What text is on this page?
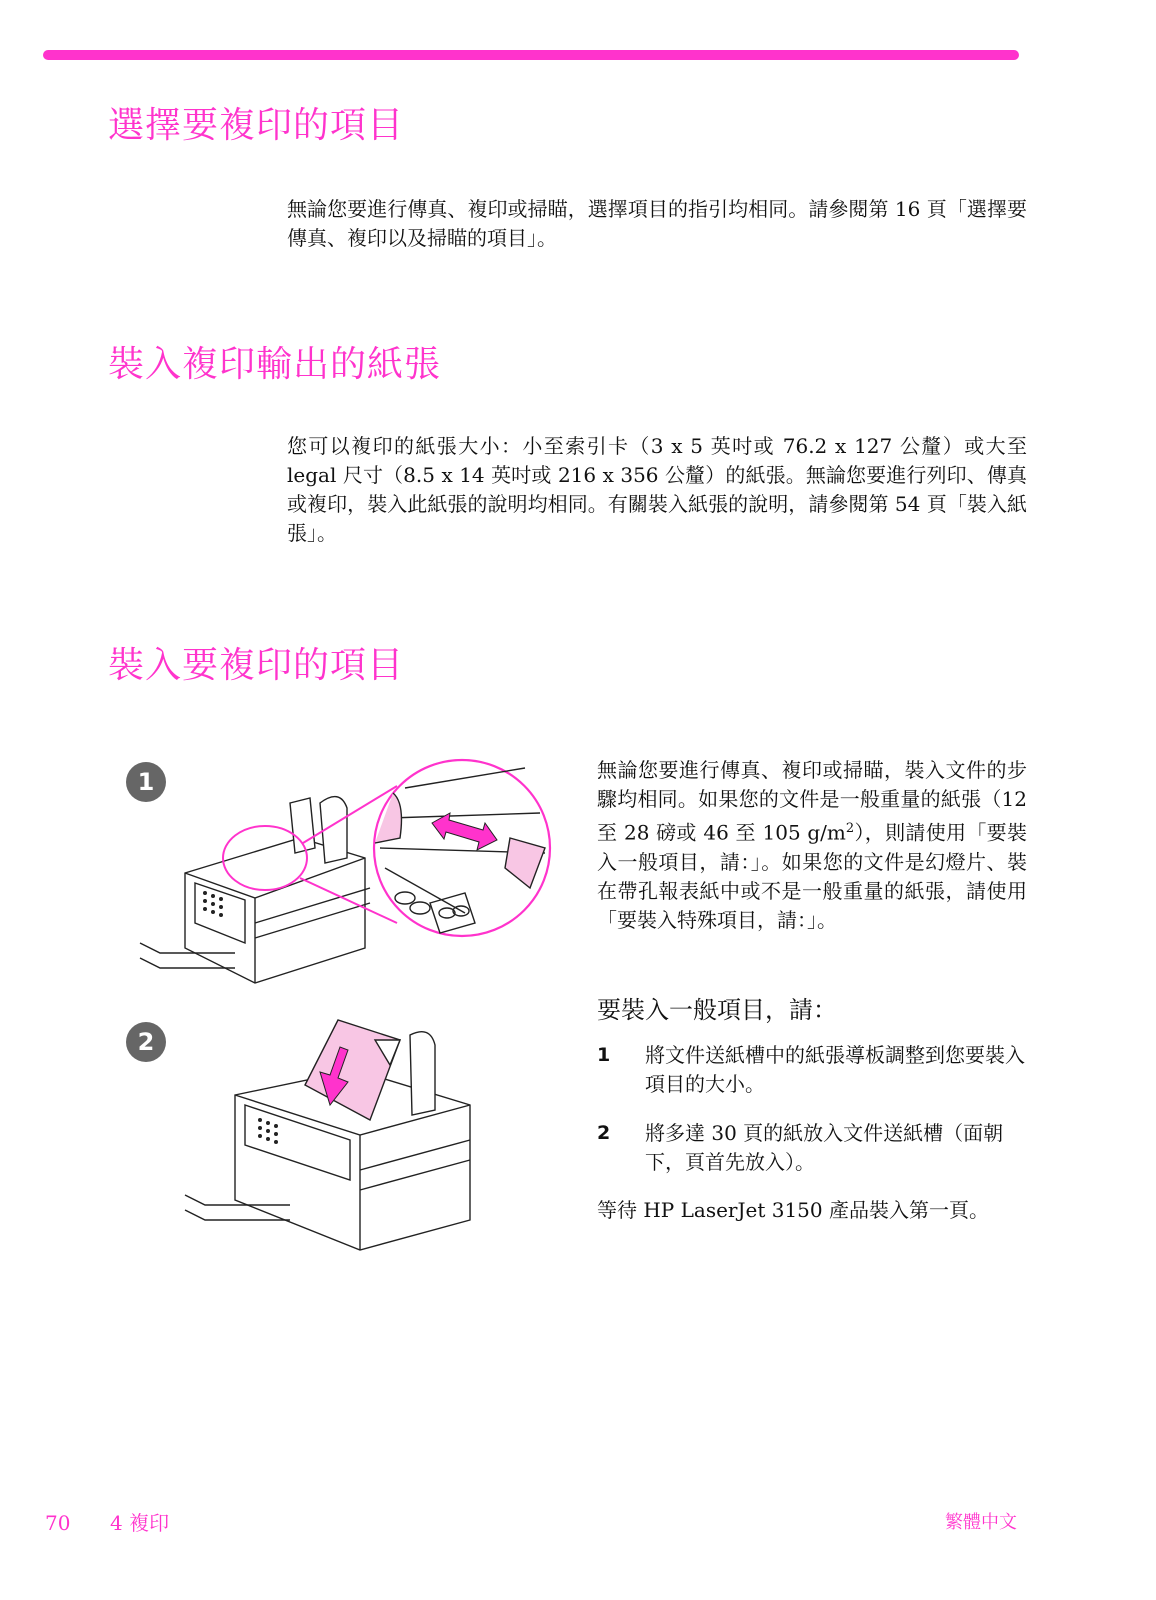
選擇要複印的項目

無論您要進行傳真、複印或掃瞄，選擇項目的指引均相同。請參閱第 16 頁「選擇要傳真、複印以及掃瞄的項目」。

裝入複印輸出的紙張

您可以複印的紙張大小：小至索引卡（3 x 5 英吋或 76.2 x 127 公釐）或大至 legal 尺寸（8.5 x 14 英吋或 216 x 356 公釐）的紙張。無論您要進行列印、傳真或複印，裝入此紙張的說明均相同。有關裝入紙張的說明，請參閱第 54 頁「裝入紙張」。

裝入要複印的項目
1
2

無論您要進行傳真、複印或掃瞄，裝入文件的步驟均相同。如果您的文件是一般重量的紙張（12 至 28 磅或 46 至 105 $g/m^2$），則請使用「要裝入一般項目，請：」。如果您的文件是幻燈片、裝在帶孔報表紙中或不是一般重量的紙張，請使用「要裝入特殊項目，請：」。

要裝入一般項目，請：
1 將文件送紙槽中的紙張導板調整到您要裝入項目的大小。
2 將多達 30 頁的紙放入文件送紙槽（面朝下，頁首先放入）。

等待 HP LaserJet 3150 產品裝入第一頁。

70 4 複印	繁體中文
